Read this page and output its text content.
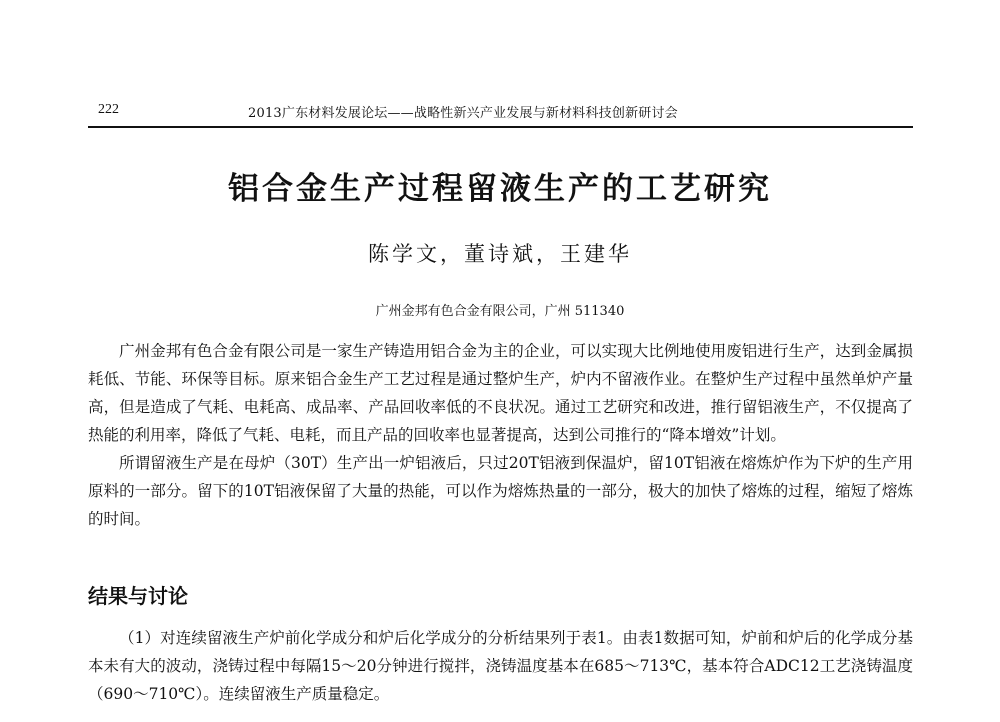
222	2013广东材料发展论坛——战略性新兴产业发展与新材料科技创新研讨会
铝合金生产过程留液生产的工艺研究
陈学文，董诗斌，王建华
广州金邦有色合金有限公司，广州 511340

广州金邦有色合金有限公司是一家生产铸造用铝合金为主的企业，可以实现大比例地使用废铝进行生产，达到金属损耗低、节能、环保等目标。原来铝合金生产工艺过程是通过整炉生产，炉内不留液作业。在整炉生产过程中虽然单炉产量高，但是造成了气耗、电耗高、成品率、产品回收率低的不良状况。通过工艺研究和改进，推行留铝液生产，不仅提高了热能的利用率，降低了气耗、电耗，而且产品的回收率也显著提高，达到公司推行的“降本增效”计划。

所谓留液生产是在母炉（30T）生产出一炉铝液后，只过20T铝液到保温炉，留10T铝液在熔炼炉作为下炉的生产用原料的一部分。留下的10T铝液保留了大量的热能，可以作为熔炼热量的一部分，极大的加快了熔炼的过程，缩短了熔炼的时间。

结果与讨论

（1）对连续留液生产炉前化学成分和炉后化学成分的分析结果列于表1。由表1数据可知，炉前和炉后的化学成分基本未有大的波动，浇铸过程中每隔15～20分钟进行搅拌，浇铸温度基本在685～713℃，基本符合ADC12工艺浇铸温度（690～710℃）。连续留液生产质量稳定。
